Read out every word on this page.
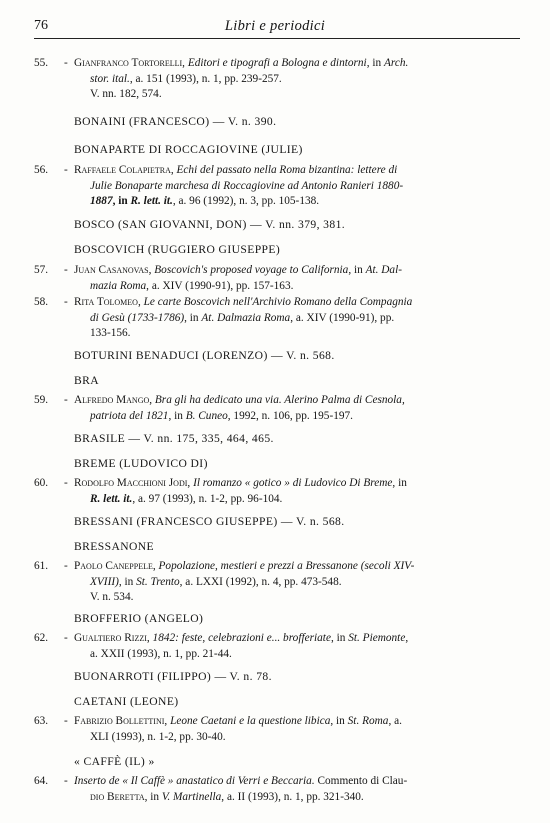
76	Libri e periodici
55.	- Gianfranco Tortorelli, Editori e tipografi a Bologna e dintorni, in Arch.
stor. ital., a. 151 (1993), n. 1, pp. 239-257.
V. nn. 182, 574.
BONAINI (FRANCESCO) — V. n. 390.
BONAPARTE DI ROCCAGIOVINE (JULIE)
56.	- Raffaele Colapietra, Echi del passato nella Roma bizantina: lettere di
Julie Bonaparte marchesa di Roccagiovine ad Antonio Ranieri 1880-
1887, in R. lett. it., a. 96 (1992), n. 3, pp. 105-138.
BOSCO (SAN GIOVANNI, DON) — V. nn. 379, 381.
BOSCOVICH (RUGGIERO GIUSEPPE)
57.	- Juan Casanovas, Boscovich's proposed voyage to California, in At. Dal-
mazia Roma, a. XIV (1990-91), pp. 157-163.
58.	- Rita Tolomeo, Le carte Boscovich nell'Archivio Romano della Compagnia
di Gesù (1733-1786), in At. Dalmazia Roma, a. XIV (1990-91), pp.
133-156.
BOTURINI BENADUCI (LORENZO) — V. n. 568.
BRA
59.	- Alfredo Mango, Bra gli ha dedicato una via. Alerino Palma di Cesnola,
patriota del 1821, in B. Cuneo, 1992, n. 106, pp. 195-197.
BRASILE — V. nn. 175, 335, 464, 465.
BREME (LUDOVICO DI)
60.	- Rodolfo Macchioni Jodi, Il romanzo « gotico » di Ludovico Di Breme, in
R. lett. it., a. 97 (1993), n. 1-2, pp. 96-104.
BRESSANI (FRANCESCO GIUSEPPE) — V. n. 568.
BRESSANONE
61.	- Paolo Caneppele, Popolazione, mestieri e prezzi a Bressanone (secoli XIV-
XVIII), in St. Trento, a. LXXI (1992), n. 4, pp. 473-548.
V. n. 534.
BROFFERIO (ANGELO)
62.	- Gualtiero Rizzi, 1842: feste, celebrazioni e... brofferiate, in St. Piemonte,
a. XXII (1993), n. 1, pp. 21-44.
BUONARROTI (FILIPPO) — V. n. 78.
CAETANI (LEONE)
63.	- Fabrizio Bollettini, Leone Caetani e la questione libica, in St. Roma, a.
XLI (1993), n. 1-2, pp. 30-40.
« CAFFÈ (IL) »
64.	- Inserto de « Il Caffè » anastatico di Verri e Beccaria. Commento di Clau-
dio Beretta, in V. Martinella, a. II (1993), n. 1, pp. 321-340.
